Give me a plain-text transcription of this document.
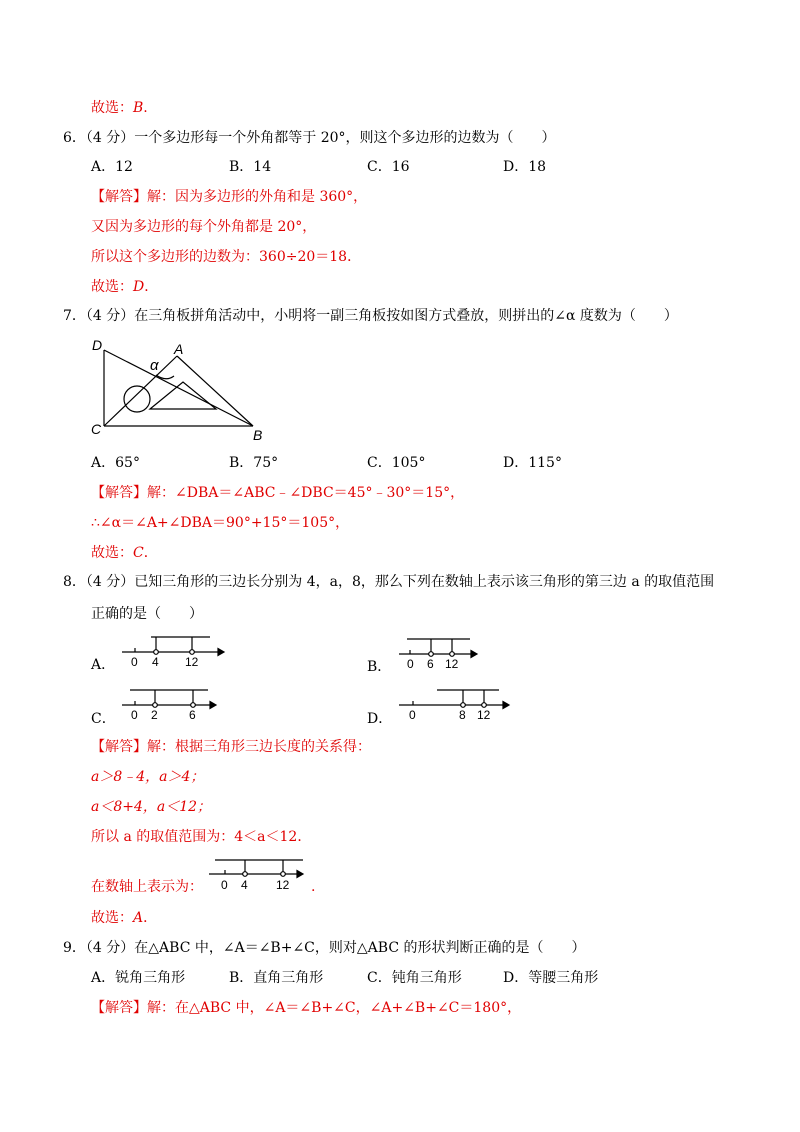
故选：B.
6．（4 分）一个多边形每一个外角都等于 20°，则这个多边形的边数为（　　）
A．12	B．14	C．16	D．18
【解答】解：因为多边形的外角和是 360°，
又因为多边形的每个外角都是 20°，
所以这个多边形的边数为：360÷20＝18．
故选：D．
7．（4 分）在三角板拼角活动中，小明将一副三角板按如图方式叠放，则拼出的∠α 度数为（　　）
D	A
α
C	B
A．65°	B．75°	C．105°	D．115°
【解答】解：∠DBA＝∠ABC﹣∠DBC＝45°﹣30°＝15°，
∴∠α＝∠A+∠DBA＝90°+15°＝105°，
故选：C．
8．（4 分）已知三角形的三边长分别为 4，a，8，那么下列在数轴上表示该三角形的第三边 a 的取值范围
正确的是（　　）
A． 0 4 12	B． 0 6 12
C． 0 2	6	D． 0	8 12
【解答】解：根据三角形三边长度的关系得：
a＞8﹣4，a＞4；
a＜8+4，a＜12；
所以 a 的取值范围为：4＜a＜12．
在数轴上表示为： 0 4 12 .
故选：A．
9．（4 分）在△ABC 中，∠A＝∠B+∠C，则对△ABC 的形状判断正确的是（　　）
A．锐角三角形	B．直角三角形	C．钝角三角形	D．等腰三角形
【解答】解：在△ABC 中，∠A＝∠B+∠C，∠A+∠B+∠C＝180°，
